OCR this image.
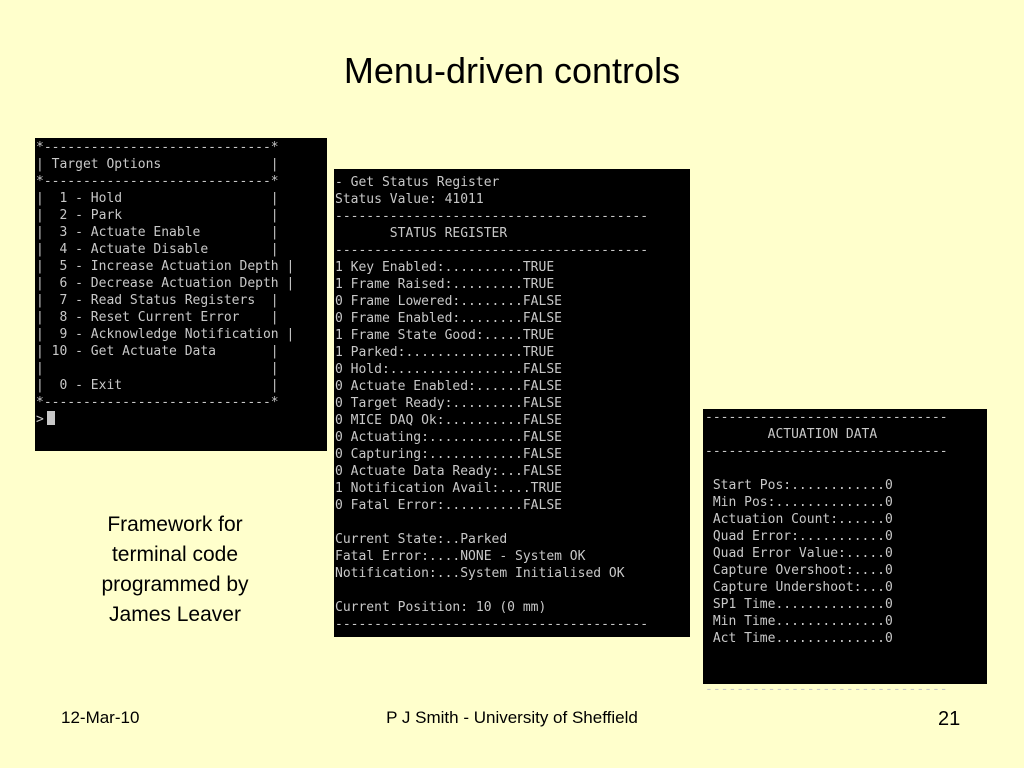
Menu-driven controls
*-----------------------------*
| Target Options              |
*-----------------------------*
|  1 - Hold                   |
|  2 - Park                   |
|  3 - Actuate Enable         |
|  4 - Actuate Disable        |
|  5 - Increase Actuation Depth |
|  6 - Decrease Actuation Depth |
|  7 - Read Status Registers  |
|  8 - Reset Current Error    |
|  9 - Acknowledge Notification |
| 10 - Get Actuate Data       |
|                             |
|  0 - Exit                   |
*-----------------------------*

>
- Get Status Register
Status Value: 41011
----------------------------------------
STATUS REGISTER
----------------------------------------
1 Key Enabled:..........TRUE
1 Frame Raised:.........TRUE
0 Frame Lowered:........FALSE
0 Frame Enabled:........FALSE
1 Frame State Good:.....TRUE
1 Parked:...............TRUE
0 Hold:.................FALSE
0 Actuate Enabled:......FALSE
0 Target Ready:.........FALSE
0 MICE DAQ Ok:..........FALSE
0 Actuating:............FALSE
0 Capturing:............FALSE
0 Actuate Data Ready:...FALSE
1 Notification Avail:....TRUE
0 Fatal Error:..........FALSE

Current State:..Parked
Fatal Error:....NONE - System OK
Notification:...System Initialised OK

Current Position: 10 (0 mm)
----------------------------------------
-------------------------------
ACTUATION DATA
-------------------------------

Start Pos:............0
Min Pos:..............0
Actuation Count:......0
Quad Error:...........0
Quad Error Value:.....0
Capture Overshoot:....0
Capture Undershoot:...0
SP1 Time..............0
Min Time..............0
Act Time..............0

-------------------------------
Framework for terminal code programmed by James Leaver
12-Mar-10	P J Smith - University of Sheffield	21
